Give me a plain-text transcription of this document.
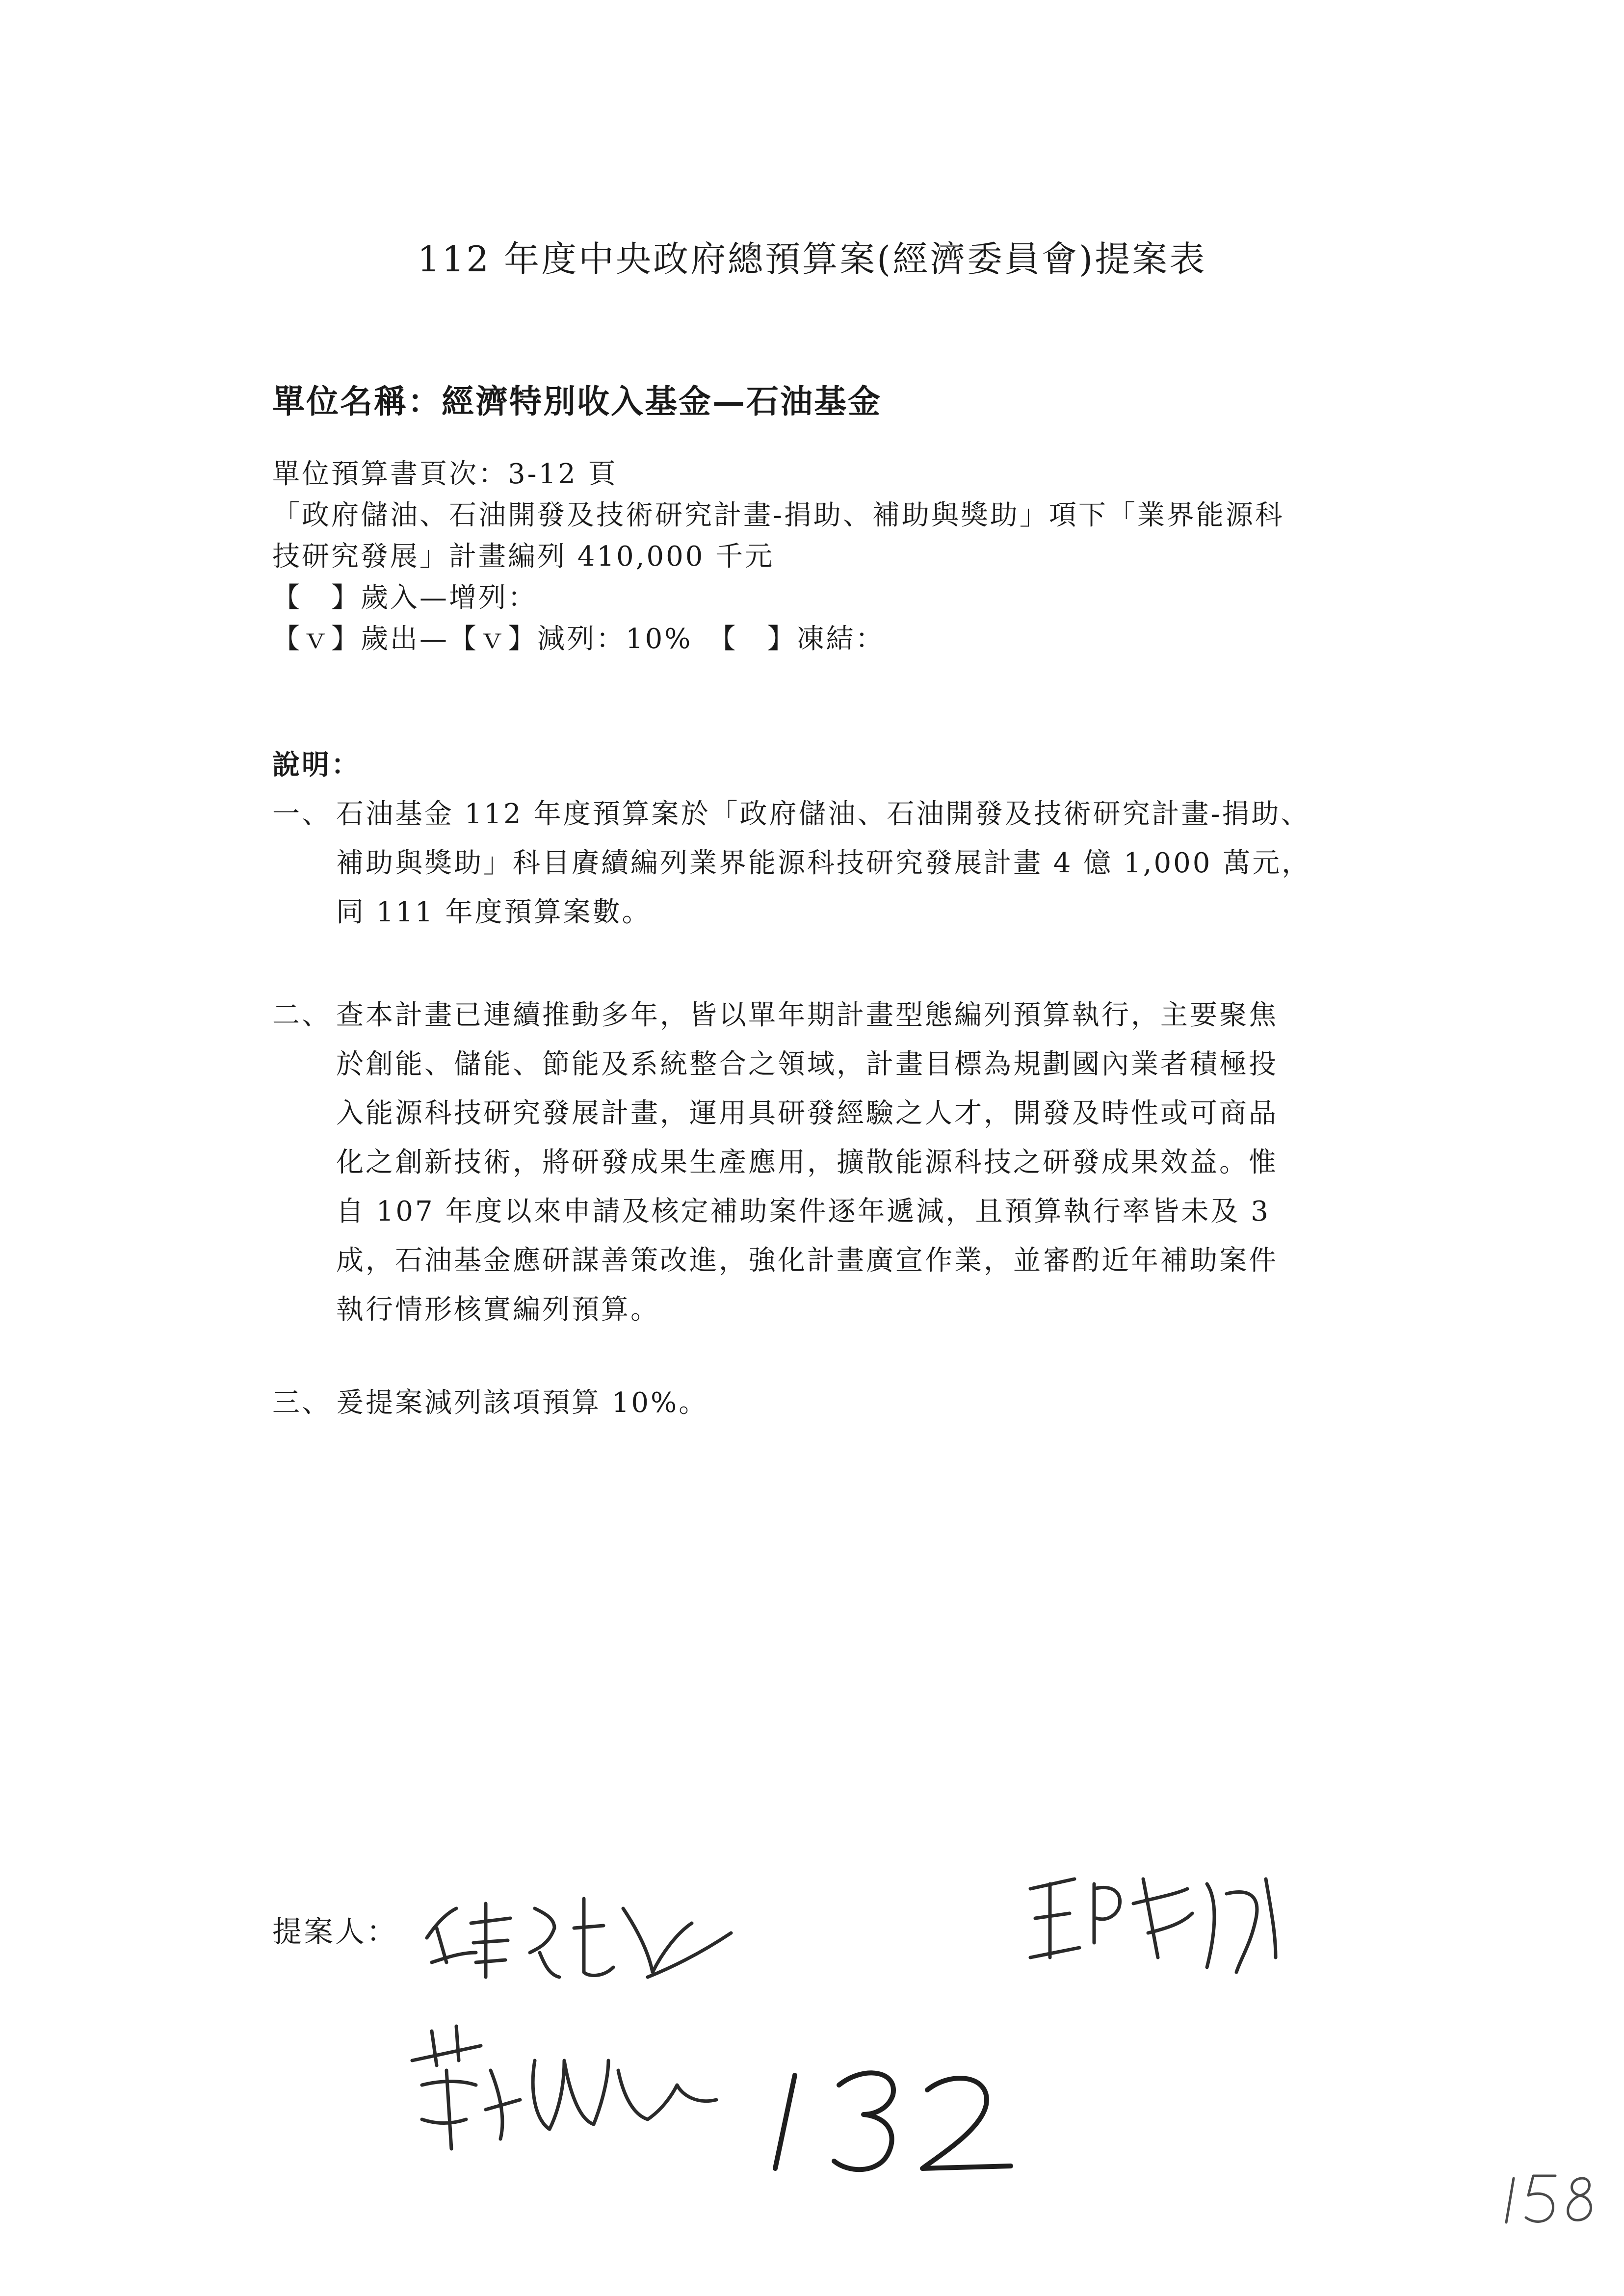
112 年度中央政府總預算案(經濟委員會)提案表
單位名稱：經濟特別收入基金—石油基金
單位預算書頁次：3-12 頁
「政府儲油、石油開發及技術研究計畫-捐助、補助與獎助」項下「業界能源科
技研究發展」計畫編列 410,000 千元
【　】歲入—增列：
【ｖ】歲出—【ｖ】減列：10%　【　】凍結：
說明：
一、 石油基金 112 年度預算案於「政府儲油、石油開發及技術研究計畫-捐助、
補助與獎助」科目賡續編列業界能源科技研究發展計畫 4 億 1,000 萬元，
同 111 年度預算案數。
二、 查本計畫已連續推動多年，皆以單年期計畫型態編列預算執行，主要聚焦
於創能、儲能、節能及系統整合之領域，計畫目標為規劃國內業者積極投
入能源科技研究發展計畫，運用具研發經驗之人才，開發及時性或可商品
化之創新技術，將研發成果生產應用，擴散能源科技之研發成果效益。惟
自 107 年度以來申請及核定補助案件逐年遞減，且預算執行率皆未及 3
成，石油基金應研謀善策改進，強化計畫廣宣作業，並審酌近年補助案件
執行情形核實編列預算。
三、 爰提案減列該項預算 10%。
提案人：
